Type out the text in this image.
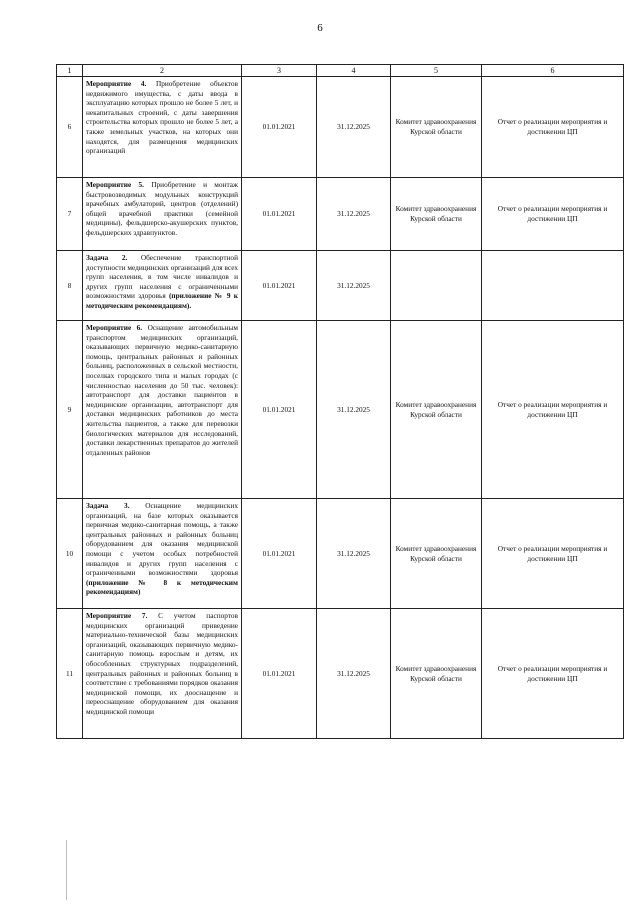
6
1	2	3	4	5	6
6	Мероприятие 4. Приобретение объектов недвижимого имущества, с даты ввода в эксплуатацию которых прошло не более 5 лет, и некапитальных строений, с даты завершения строительства которых прошло не более 5 лет, а также земельных участков, на которых они находятся, для размещения медицинских организаций	01.01.2021	31.12.2025	Комитет здравоохранения Курской области	Отчет о реализации мероприятия и достижении ЦП
7	Мероприятие 5. Приобретение и монтаж быстровозводимых модульных конструкций врачебных амбулаторий, центров (отделений) общей врачебной практики (семейной медицины), фельдшерско-акушерских пунктов, фельдшерских здравпунктов.	01.01.2021	31.12.2025	Комитет здравоохранения Курской области	Отчет о реализации мероприятия и достижении ЦП
8	Задача 2. Обеспечение транспортной доступности медицинских организаций для всех групп населения, в том числе инвалидов и других групп населения с ограниченными возможностями здоровья (приложение № 9 к методическим рекомендациям).	01.01.2021	31.12.2025		
9	Мероприятие 6. Оснащение автомобильным транспортом медицинских организаций, оказывающих первичную медико-санитарную помощь, центральных районных и районных больниц, расположенных в сельской местности, поселках городского типа и малых городах (с численностью населения до 50 тыс. человек): автотранспорт для доставки пациентов в медицинские организации, автотранспорт для доставки медицинских работников до места жительства пациентов, а также для перевозки биологических материалов для исследований, доставки лекарственных препаратов до жителей отдаленных районов	01.01.2021	31.12.2025	Комитет здравоохранения Курской области	Отчет о реализации мероприятия и достижении ЦП
10	Задача 3. Оснащение медицинских организаций, на базе которых оказывается первичная медико-санитарная помощь, а также центральных районных и районных больниц оборудованием для оказания медицинской помощи с учетом особых потребностей инвалидов и других групп населения с ограниченными возможностями здоровья (приложение № 8 к методическим рекомендациям)	01.01.2021	31.12.2025	Комитет здравоохранения Курской области	Отчет о реализации мероприятия и достижении ЦП
11	Мероприятие 7. С учетом паспортов медицинских организаций приведение материально-технической базы медицинских организаций, оказывающих первичную медико-санитарную помощь взрослым и детям, их обособленных структурных подразделений, центральных районных и районных больниц в соответствие с требованиями порядков оказания медицинской помощи, их дооснащение и переоснащение оборудованием для оказания медицинской помощи	01.01.2021	31.12.2025	Комитет здравоохранения Курской области	Отчет о реализации мероприятия и достижении ЦП
